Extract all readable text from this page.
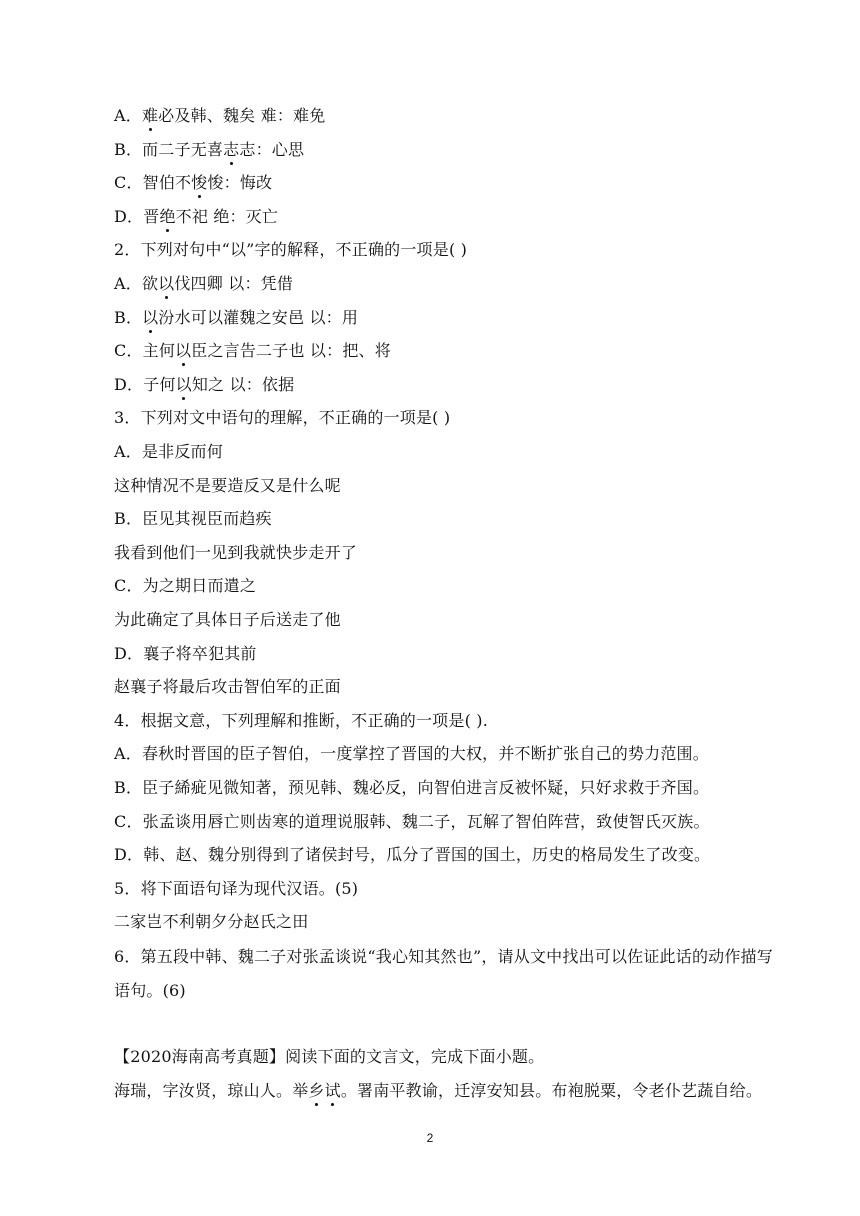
A．难必及韩、魏矣 难：难免
B．而二子无喜志志：心思
C．智伯不悛悛：悔改
D．晋绝不祀 绝：灭亡
2．下列对句中“以”字的解释，不正确的一项是( )
A．欲以伐四卿 以：凭借
B．以汾水可以灌魏之安邑 以：用
C．主何以臣之言告二子也 以：把、将
D．子何以知之 以：依据
3．下列对文中语句的理解，不正确的一项是( )
A．是非反而何
这种情况不是要造反又是什么呢
B．臣见其视臣而趋疾
我看到他们一见到我就快步走开了
C．为之期日而遣之
为此确定了具体日子后送走了他
D．襄子将卒犯其前
赵襄子将最后攻击智伯军的正面
4．根据文意，下列理解和推断，不正确的一项是( ).
A．春秋时晋国的臣子智伯，一度掌控了晋国的大权，并不断扩张自己的势力范围。
B．臣子絺疵见微知著，预见韩、魏必反，向智伯进言反被怀疑，只好求救于齐国。
C．张孟谈用唇亡则齿寒的道理说服韩、魏二子，瓦解了智伯阵营，致使智氏灭族。
D．韩、赵、魏分别得到了诸侯封号，瓜分了晋国的国土，历史的格局发生了改变。
5．将下面语句译为现代汉语。(5)
二家岂不利朝夕分赵氏之田
6．第五段中韩、魏二子对张孟谈说“我心知其然也”，请从文中找出可以佐证此话的动作描写语句。(6)
【2020海南高考真题】阅读下面的文言文，完成下面小题。
海瑞，字汝贤，琼山人。举乡试。署南平教谕，迁淳安知县。布袍脱粟，令老仆艺蔬自给。
2
